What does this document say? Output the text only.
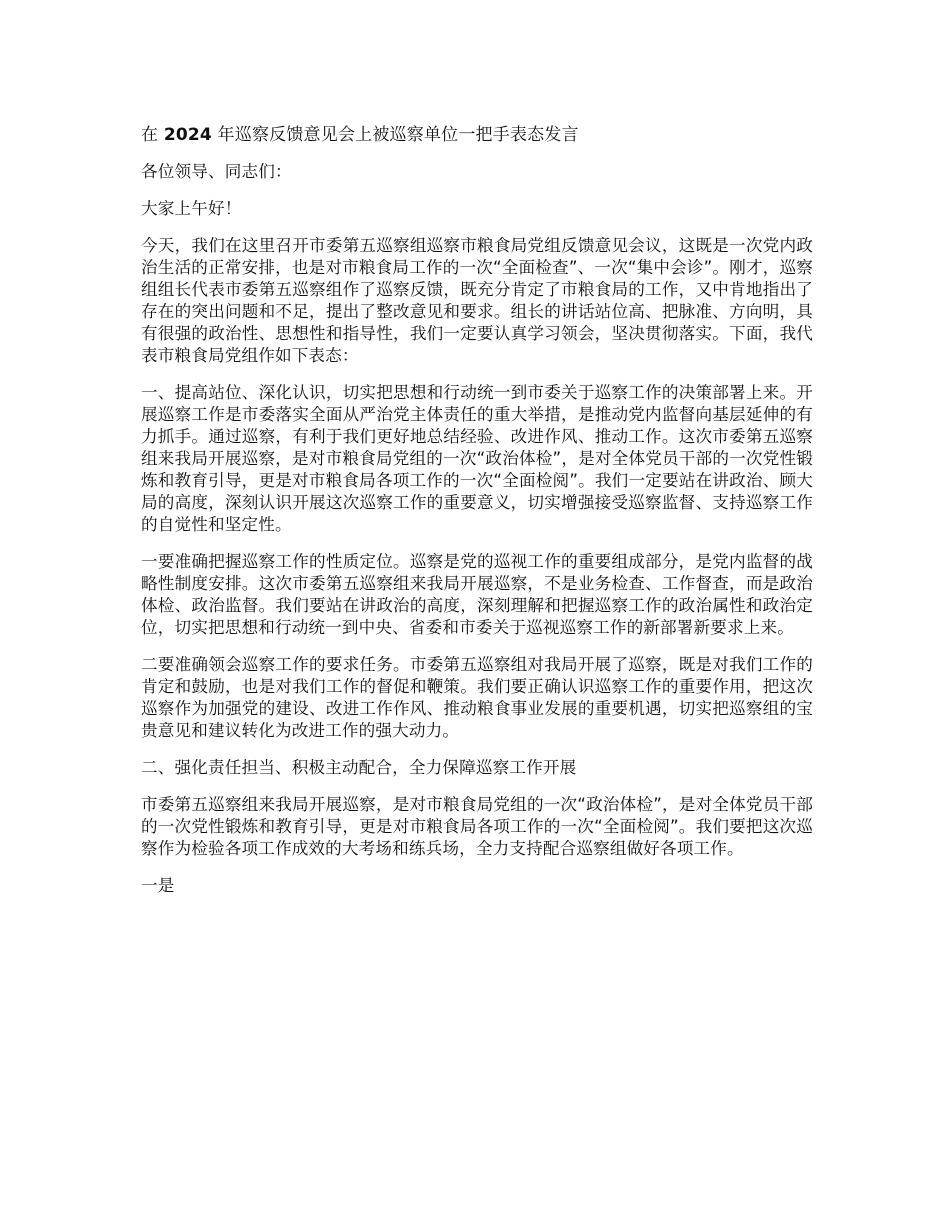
在 2024 年巡察反馈意见会上被巡察单位一把手表态发言

各位领导、同志们：

大家上午好！

今天，我们在这里召开市委第五巡察组巡察市粮食局党组反馈意见会议，这既是一次党内政治生活的正常安排，也是对市粮食局工作的一次“全面检查”、一次“集中会诊”。刚才，巡察组组长代表市委第五巡察组作了巡察反馈，既充分肯定了市粮食局的工作，又中肯地指出了存在的突出问题和不足，提出了整改意见和要求。组长的讲话站位高、把脉准、方向明，具有很强的政治性、思想性和指导性，我们一定要认真学习领会，坚决贯彻落实。下面，我代表市粮食局党组作如下表态：

一、提高站位、深化认识，切实把思想和行动统一到市委关于巡察工作的决策部署上来。开展巡察工作是市委落实全面从严治党主体责任的重大举措，是推动党内监督向基层延伸的有力抓手。通过巡察，有利于我们更好地总结经验、改进作风、推动工作。这次市委第五巡察组来我局开展巡察，是对市粮食局党组的一次“政治体检”，是对全体党员干部的一次党性锻炼和教育引导，更是对市粮食局各项工作的一次“全面检阅”。我们一定要站在讲政治、顾大局的高度，深刻认识开展这次巡察工作的重要意义，切实增强接受巡察监督、支持巡察工作的自觉性和坚定性。

一要准确把握巡察工作的性质定位。巡察是党的巡视工作的重要组成部分，是党内监督的战略性制度安排。这次市委第五巡察组来我局开展巡察，不是业务检查、工作督查，而是政治体检、政治监督。我们要站在讲政治的高度，深刻理解和把握巡察工作的政治属性和政治定位，切实把思想和行动统一到中央、省委和市委关于巡视巡察工作的新部署新要求上来。

二要准确领会巡察工作的要求任务。市委第五巡察组对我局开展了巡察，既是对我们工作的肯定和鼓励，也是对我们工作的督促和鞭策。我们要正确认识巡察工作的重要作用，把这次巡察作为加强党的建设、改进工作作风、推动粮食事业发展的重要机遇，切实把巡察组的宝贵意见和建议转化为改进工作的强大动力。

二、强化责任担当、积极主动配合，全力保障巡察工作开展

市委第五巡察组来我局开展巡察，是对市粮食局党组的一次“政治体检”，是对全体党员干部的一次党性锻炼和教育引导，更是对市粮食局各项工作的一次“全面检阅”。我们要把这次巡察作为检验各项工作成效的大考场和练兵场，全力支持配合巡察组做好各项工作。

一是
